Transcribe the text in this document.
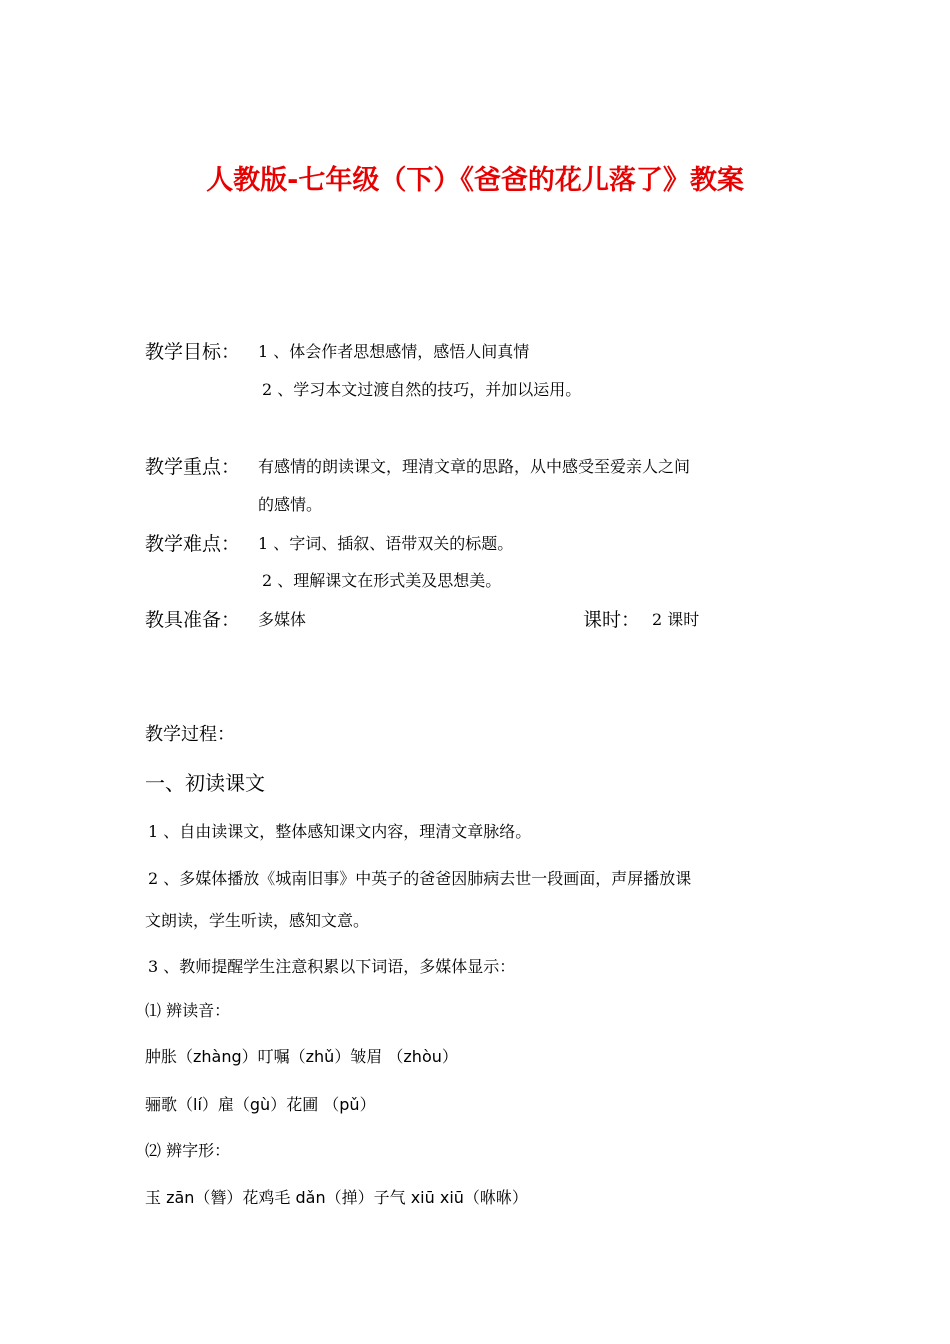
人教版-七年级（下）《爸爸的花儿落了》教案
教学目标： 1 、体会作者思想感情，感悟人间真情
2 、学习本文过渡自然的技巧，并加以运用。
教学重点： 有感情的朗读课文，理清文章的思路，从中感受至爱亲人之间
的感情。
教学难点： 1 、字词、插叙、语带双关的标题。
2 、理解课文在形式美及思想美。
教具准备： 多媒体	课时： 2 课时
教学过程：
一、初读课文
1 、自由读课文，整体感知课文内容，理清文章脉络。
2 、多媒体播放《城南旧事》中英子的爸爸因肺病去世一段画面，声屏播放课
文朗读，学生听读，感知文意。
3 、教师提醒学生注意积累以下词语，多媒体显示：
⑴ 辨读音：
肿胀（zhàng）叮嘱（zhǔ）皱眉 （zhòu）
骊歌（lí）雇（gù）花圃 （pǔ）
⑵ 辨字形：
玉 zān（簪）花鸡毛 dǎn（掸）子气 xiū xiū（咻咻）
